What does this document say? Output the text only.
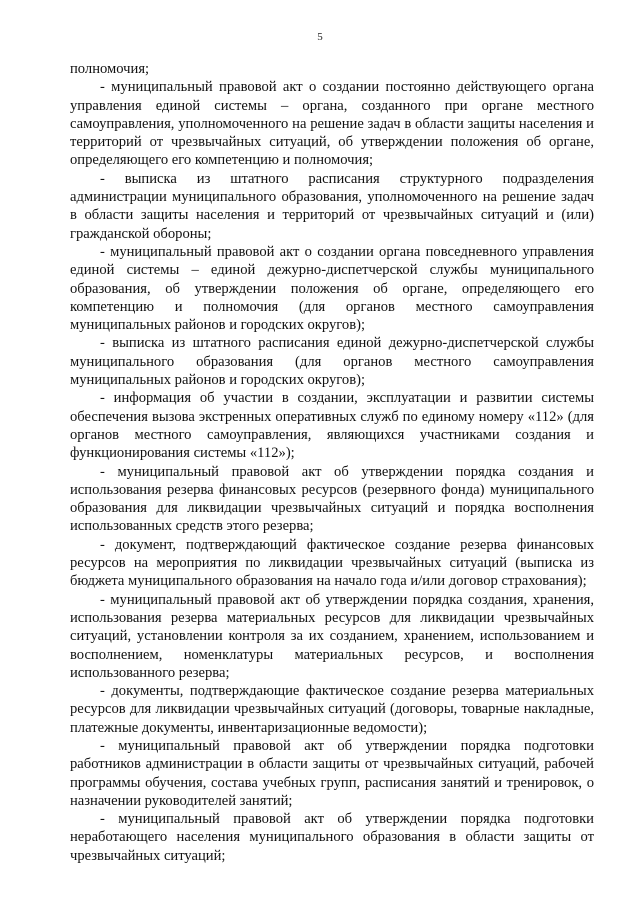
5

полномочия;

- муниципальный правовой акт о создании постоянно действующего органа управления единой системы – органа, созданного при органе местного самоуправления, уполномоченного на решение задач в области защиты населения и территорий от чрезвычайных ситуаций, об утверждении положения об органе, определяющего его компетенцию и полномочия;

- выписка из штатного расписания структурного подразделения администрации муниципального образования, уполномоченного на решение задач в области защиты населения и территорий от чрезвычайных ситуаций и (или) гражданской обороны;

- муниципальный правовой акт о создании органа повседневного управления единой системы – единой дежурно-диспетчерской службы муниципального образования, об утверждении положения об органе, определяющего его компетенцию и полномочия (для органов местного самоуправления муниципальных районов и городских округов);

- выписка из штатного расписания единой дежурно-диспетчерской службы муниципального образования (для органов местного самоуправления муниципальных районов и городских округов);

- информация об участии в создании, эксплуатации и развитии системы обеспечения вызова экстренных оперативных служб по единому номеру «112» (для органов местного самоуправления, являющихся участниками создания и функционирования системы «112»);

- муниципальный правовой акт об утверждении порядка создания и использования резерва финансовых ресурсов (резервного фонда) муниципального образования для ликвидации чрезвычайных ситуаций и порядка восполнения использованных средств этого резерва;

- документ, подтверждающий фактическое создание резерва финансовых ресурсов на мероприятия по ликвидации чрезвычайных ситуаций (выписка из бюджета муниципального образования на начало года и/или договор страхования);

- муниципальный правовой акт об утверждении порядка создания, хранения, использования резерва материальных ресурсов для ликвидации чрезвычайных ситуаций, установлении контроля за их созданием, хранением, использованием и восполнением, номенклатуры материальных ресурсов, и восполнения использованного резерва;

- документы, подтверждающие фактическое создание резерва материальных ресурсов для ликвидации чрезвычайных ситуаций (договоры, товарные накладные, платежные документы, инвентаризационные ведомости);

- муниципальный правовой акт об утверждении порядка подготовки работников администрации в области защиты от чрезвычайных ситуаций, рабочей программы обучения, состава учебных групп, расписания занятий и тренировок, о назначении руководителей занятий;

- муниципальный правовой акт об утверждении порядка подготовки неработающего населения муниципального образования в области защиты от чрезвычайных ситуаций;
